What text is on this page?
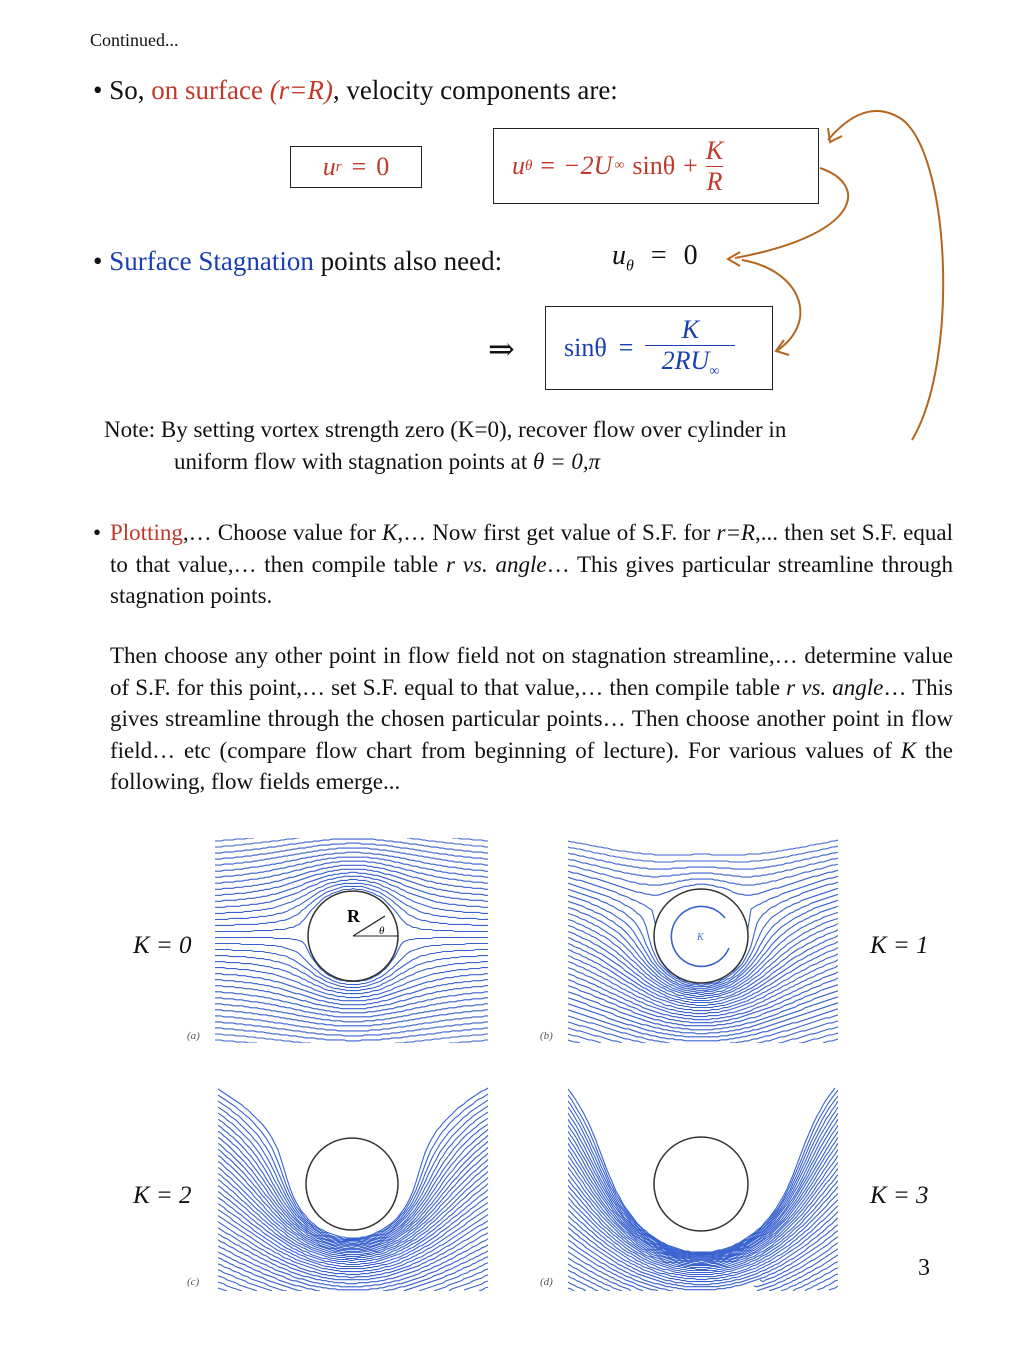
Continued...
• So, on surface (r=R), velocity components are:
u r = 0	u θ = −2U ∞ $\sin\theta + \frac{K}{R}$
• Surface Stagnation points also need:	$u_\theta = 0$
⇒ $\sin\theta = \frac{K}{2RU_\infty}$
Note: By setting vortex strength zero (K=0), recover flow over cylinder in
uniform flow with stagnation points at θ = 0,π
• Plotting,… Choose value for K,… Now first get value of S.F. for r=R,... then set S.F. equal to that value,… then compile table r vs. angle… This gives particular streamline through stagnation points.
Then choose any other point in flow field not on stagnation streamline,… determine value of S.F. for this point,… set S.F. equal to that value,… then compile table r vs. angle… This gives streamline through the chosen particular points… Then choose another point in flow field… etc (compare flow chart from beginning of lecture). For various values of K the following, flow fields emerge...
R
θ
K
(a)	(b)
(c)	(d)
K = 0	K = 1
K = 2	K = 3
3
